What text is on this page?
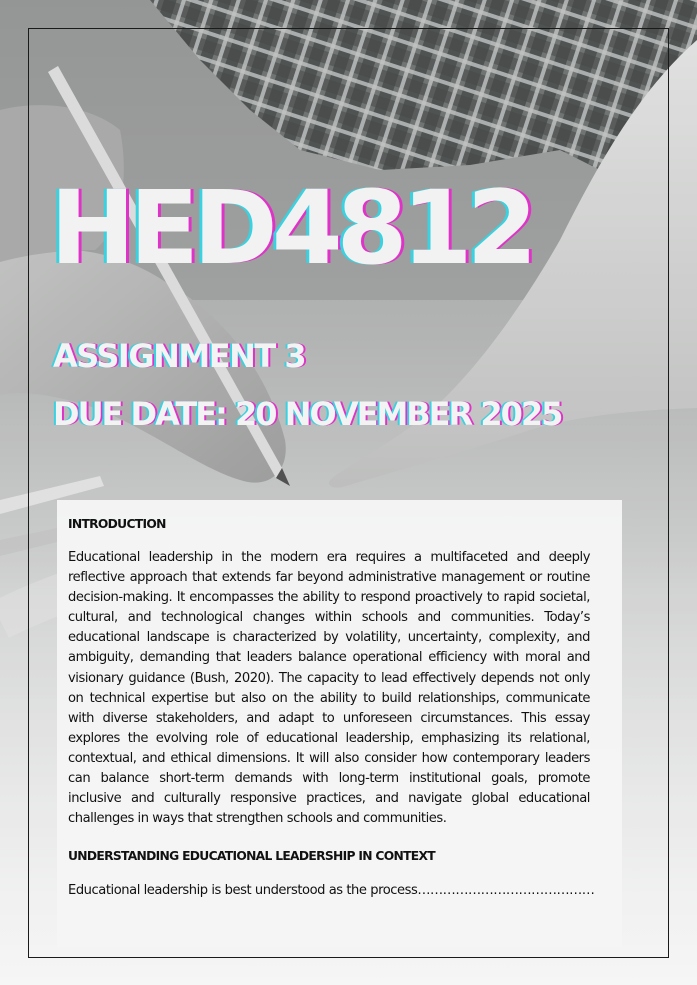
HED4812
ASSIGNMENT 3
DUE DATE: 20 NOVEMBER 2025
INTRODUCTION

Educational leadership in the modern era requires a multifaceted and deeply reflective approach that extends far beyond administrative management or routine decision-making. It encompasses the ability to respond proactively to rapid societal, cultural, and technological changes within schools and communities. Today’s educational landscape is characterized by volatility, uncertainty, complexity, and ambiguity, demanding that leaders balance operational efficiency with moral and visionary guidance (Bush, 2020). The capacity to lead effectively depends not only on technical expertise but also on the ability to build relationships, communicate with diverse stakeholders, and adapt to unforeseen circumstances. This essay explores the evolving role of educational leadership, emphasizing its relational, contextual, and ethical dimensions. It will also consider how contemporary leaders can balance short-term demands with long-term institutional goals, promote inclusive and culturally responsive practices, and navigate global educational challenges in ways that strengthen schools and communities.

UNDERSTANDING EDUCATIONAL LEADERSHIP IN CONTEXT

Educational leadership is best understood as the process……………………………………
